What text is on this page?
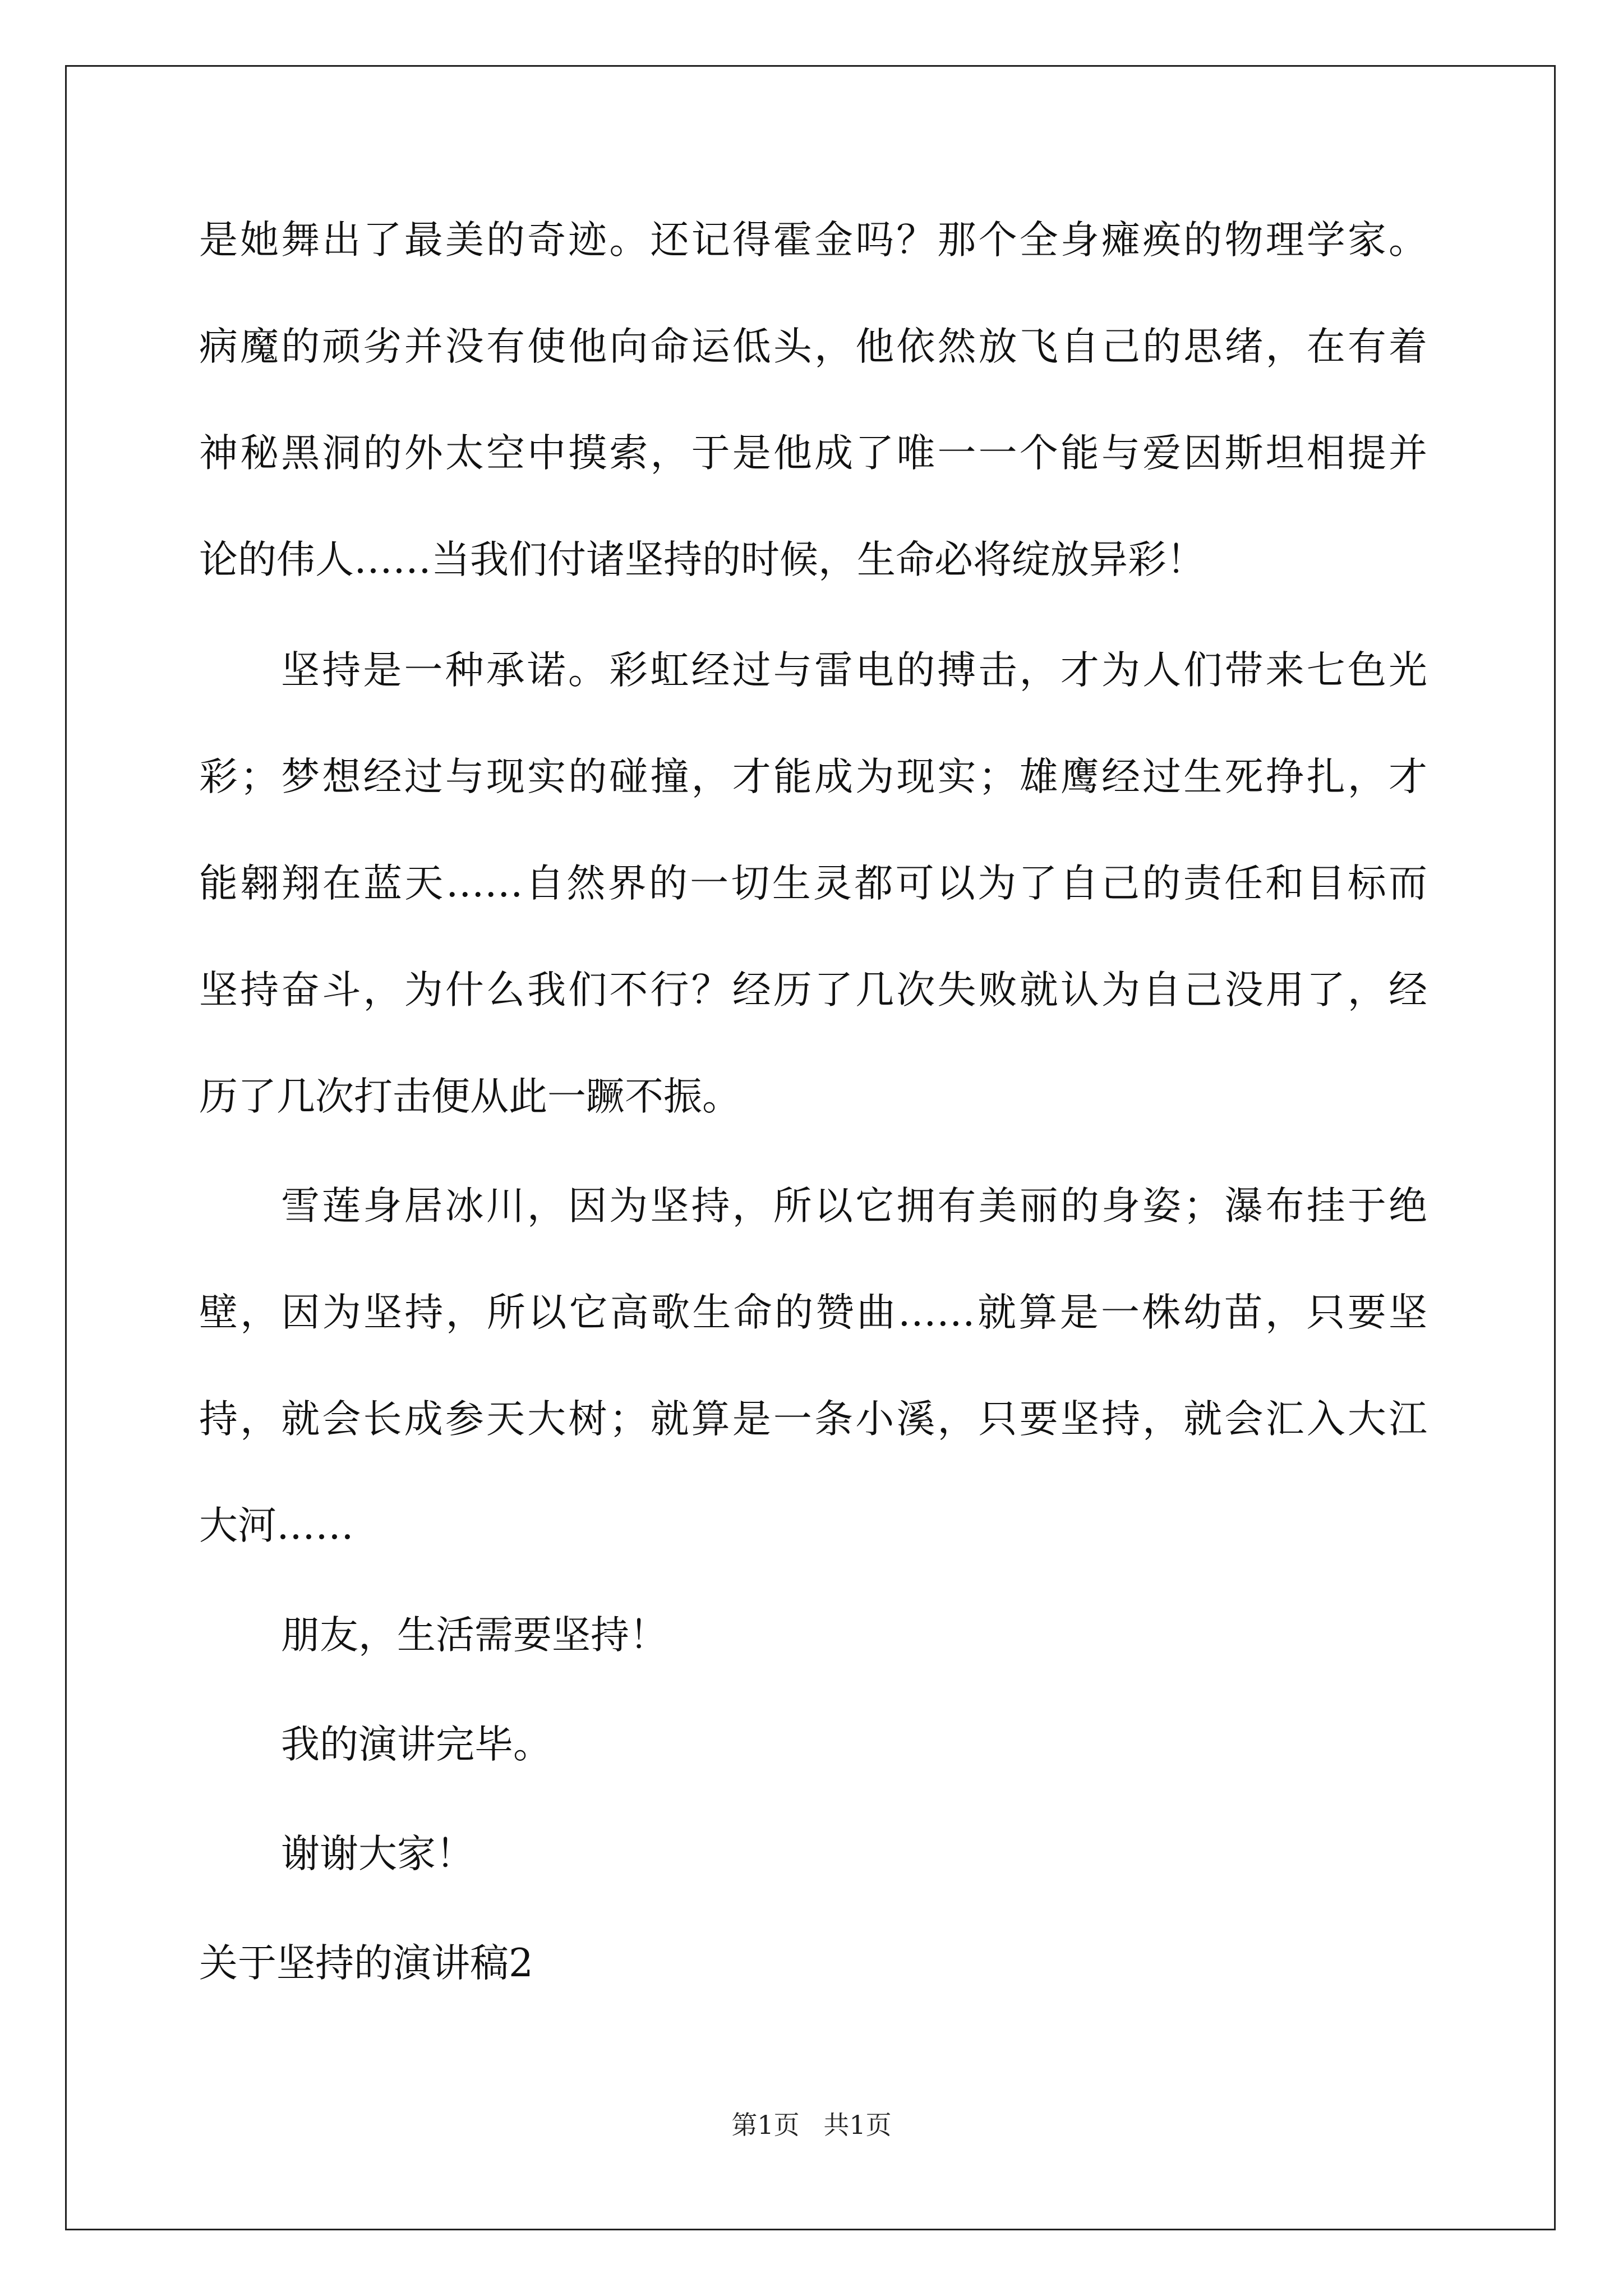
是她舞出了最美的奇迹。还记得霍金吗？那个全身瘫痪的物理学家。
病魔的顽劣并没有使他向命运低头，他依然放飞自己的思绪，在有着
神秘黑洞的外太空中摸索，于是他成了唯一一个能与爱因斯坦相提并
论的伟人……当我们付诸坚持的时候，生命必将绽放异彩！
坚持是一种承诺。彩虹经过与雷电的搏击，才为人们带来七色光
彩；梦想经过与现实的碰撞，才能成为现实；雄鹰经过生死挣扎，才
能翱翔在蓝天……自然界的一切生灵都可以为了自己的责任和目标而
坚持奋斗，为什么我们不行？经历了几次失败就认为自己没用了，经
历了几次打击便从此一蹶不振。
雪莲身居冰川，因为坚持，所以它拥有美丽的身姿；瀑布挂于绝
壁，因为坚持，所以它高歌生命的赞曲……就算是一株幼苗，只要坚
持，就会长成参天大树；就算是一条小溪，只要坚持，就会汇入大江
大河……
朋友，生活需要坚持！
我的演讲完毕。
谢谢大家！
关于坚持的演讲稿2
第1页 共1页
